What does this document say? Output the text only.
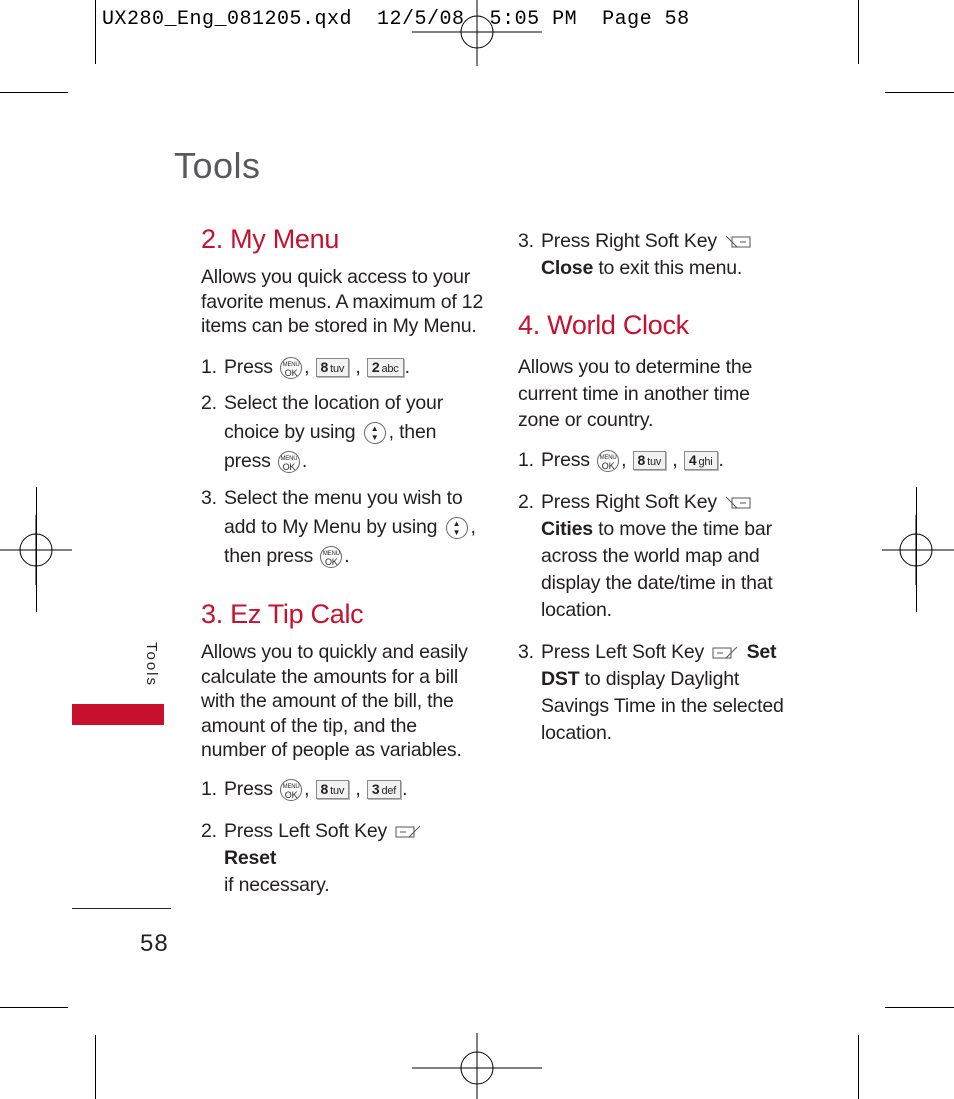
UX280_Eng_081205.qxd  12/5/08  5:05 PM  Page 58
Tools
Tools
2. My Menu
Allows you quick access to your
favorite menus. A maximum of 12
items can be stored in My Menu.
1. Press MENU
OK , 8 tuv , 2 abc .
2. Select the location of your
choice by using ▲
▼ , then
press MENU
OK .
3. Select the menu you wish to
add to My Menu by using ▲
▼ ,
then press MENU
OK .
3. Ez Tip Calc
Allows you to quickly and easily
calculate the amounts for a bill
with the amount of the bill, the
amount of the tip, and the
number of people as variables.
1. Press MENU
OK , 8 tuv , 3 def .
2. Press Left Soft Key Reset
if necessary.
3. Press Right Soft Key
Close to exit this menu.
4. World Clock
Allows you to determine the
current time in another time
zone or country.
1. Press MENU
OK , 8 tuv , 4 ghi .
2. Press Right Soft Key
Cities to move the time bar
across the world map and
display the date/time in that
location.
3. Press Left Soft Key Set
DST to display Daylight
Savings Time in the selected
location.
58
